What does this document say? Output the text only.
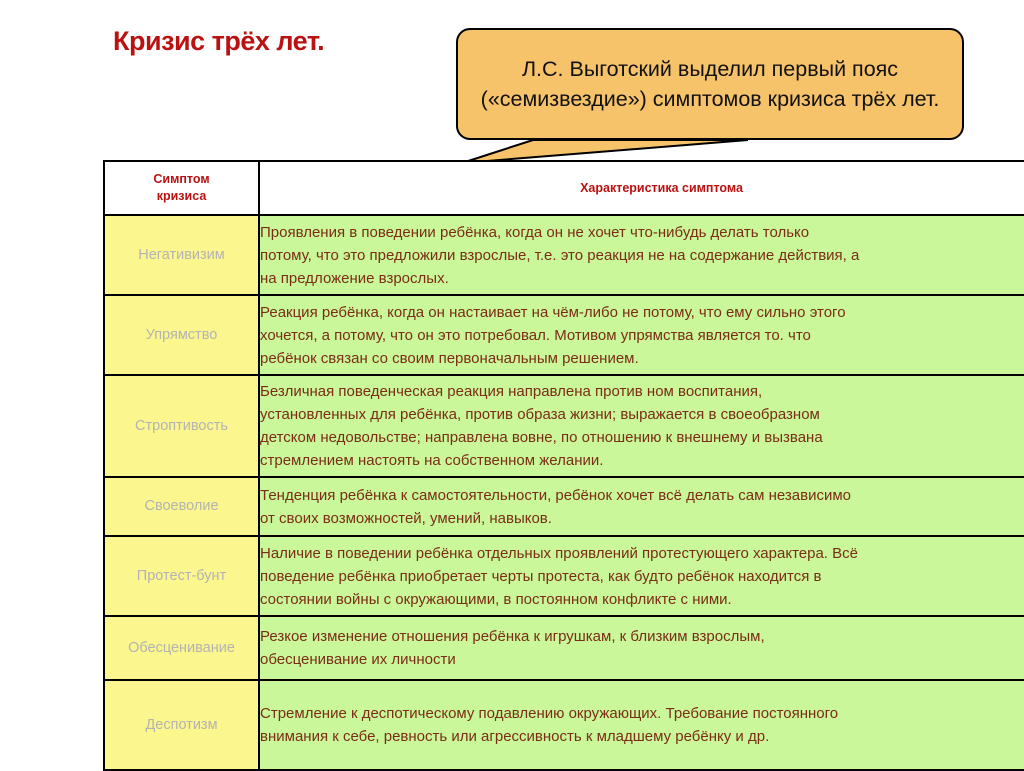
Кризис трёх лет.
Л.С. Выготский выделил первый пояс («семизвездие») симптомов кризиса трёх лет.
Симптом
кризиса	Характеристика симптома
Негативизим	Проявления в поведении ребёнка, когда он не хочет что-нибудь делать только
потому, что это предложили взрослые, т.е. это реакция не на содержание действия, а
на предложение взрослых.

Упрямство	Реакция ребёнка, когда он настаивает на чём-либо не потому, что ему сильно этого
хочется, а потому, что он это потребовал. Мотивом упрямства является то. что
ребёнок связан со своим первоначальным решением.

Строптивость	Безличная поведенческая реакция направлена против ном воспитания,
установленных для ребёнка, против образа жизни; выражается в своеобразном
детском недовольстве; направлена вовне, по отношению к внешнему и вызвана
стремлением настоять на собственном желании.

Своеволие	Тенденция ребёнка к самостоятельности, ребёнок хочет всё делать сам независимо
от своих возможностей, умений, навыков.

Протест-бунт	Наличие в поведении ребёнка отдельных проявлений протестующего характера. Всё
поведение ребёнка приобретает черты протеста, как будто ребёнок находится в
состоянии войны с окружающими, в постоянном конфликте с ними.

Обесценивание	Резкое изменение отношения ребёнка к игрушкам, к близким взрослым,
обесценивание их личности

Деспотизм	Стремление к деспотическому подавлению окружающих. Требование постоянного
внимания к себе, ревность или агрессивность к младшему ребёнку и др.
